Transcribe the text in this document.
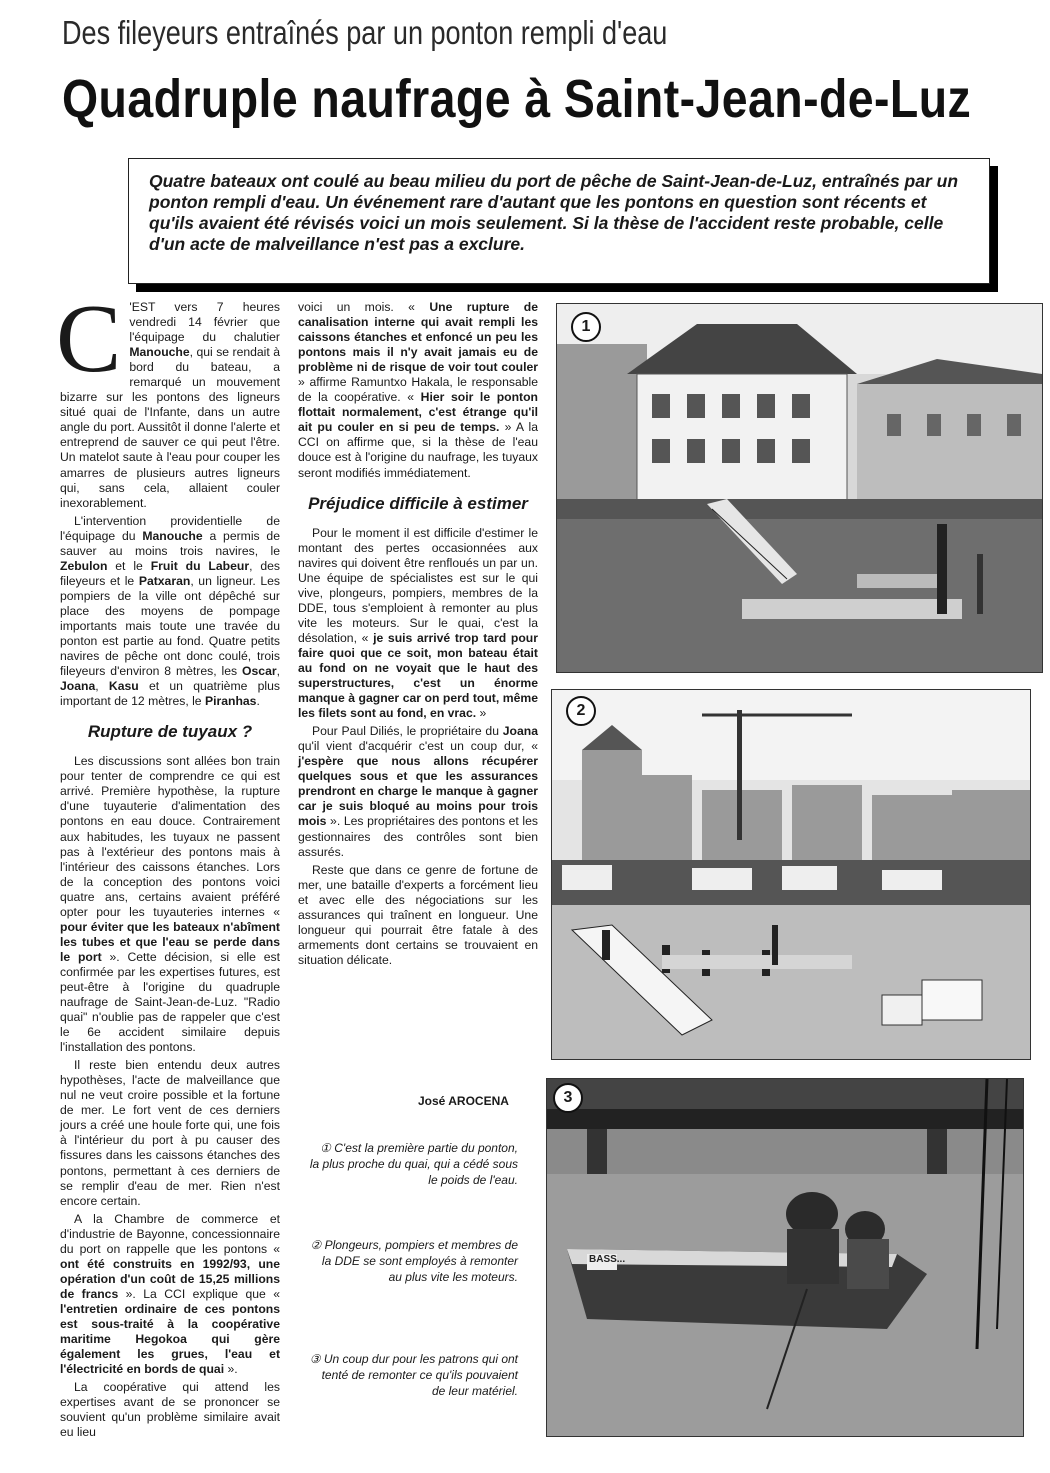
Des fileyeurs entraînés par un ponton rempli d'eau
Quadruple naufrage à Saint-Jean-de-Luz
Quatre bateaux ont coulé au beau milieu du port de pêche de Saint-Jean-de-Luz, entraînés par un ponton rempli d'eau. Un événement rare d'autant que les pontons en question sont récents et qu'ils avaient été révisés voici un mois seulement. Si la thèse de l'accident reste probable, celle d'un acte de malveillance n'est pas a exclure.

C 'EST vers 7 heures vendredi 14 février que l'équipage du chalutier Manouche, qui se rendait à bord du bateau, a remarqué un mouvement bizarre sur les pontons des ligneurs situé quai de l'Infante, dans un autre angle du port. Aussitôt il donne l'alerte et entreprend de sauver ce qui peut l'être. Un matelot saute à l'eau pour couper les amarres de plusieurs autres ligneurs qui, sans cela, allaient couler inexorablement.

L'intervention providentielle de l'équipage du Manouche a permis de sauver au moins trois navires, le Zebulon et le Fruit du Labeur, des fileyeurs et le Patxaran, un ligneur. Les pompiers de la ville ont dépêché sur place des moyens de pompage importants mais toute une travée du ponton est partie au fond. Quatre petits navires de pêche ont donc coulé, trois fileyeurs d'environ 8 mètres, les Oscar, Joana, Kasu et un quatrième plus important de 12 mètres, le Piranhas.

Rupture de tuyaux ?

Les discussions sont allées bon train pour tenter de comprendre ce qui est arrivé. Première hypothèse, la rupture d'une tuyauterie d'alimentation des pontons en eau douce. Contrairement aux habitudes, les tuyaux ne passent pas à l'extérieur des pontons mais à l'intérieur des caissons étanches. Lors de la conception des pontons voici quatre ans, certains avaient préféré opter pour les tuyauteries internes « pour éviter que les bateaux n'abîment les tubes et que l'eau se perde dans le port ». Cette décision, si elle est confirmée par les expertises futures, est peut-être à l'origine du quadruple naufrage de Saint-Jean-de-Luz. "Radio quai" n'oublie pas de rappeler que c'est le 6e accident similaire depuis l'installation des pontons.

Il reste bien entendu deux autres hypothèses, l'acte de malveillance que nul ne veut croire possible et la fortune de mer. Le fort vent de ces derniers jours a créé une houle forte qui, une fois à l'intérieur du port à pu causer des fissures dans les caissons étanches des pontons, permettant à ces derniers de se remplir d'eau de mer. Rien n'est encore certain.

A la Chambre de commerce et d'industrie de Bayonne, concessionnaire du port on rappelle que les pontons « ont été construits en 1992/93, une opération d'un coût de 15,25 millions de francs ». La CCI explique que « l'entretien ordinaire de ces pontons est sous-traité à la coopérative maritime Hegokoa qui gère également les grues, l'eau et l'électricité en bords de quai ».

La coopérative qui attend les expertises avant de se prononcer se souvient qu'un problème similaire avait eu lieu

voici un mois. « Une rupture de canalisation interne qui avait rempli les caissons étanches et enfoncé un peu les pontons mais il n'y avait jamais eu de problème ni de risque de voir tout couler » affirme Ramuntxo Hakala, le responsable de la coopérative. « Hier soir le ponton flottait normalement, c'est étrange qu'il ait pu couler en si peu de temps. » A la CCI on affirme que, si la thèse de l'eau douce est à l'origine du naufrage, les tuyaux seront modifiés immédiatement.

Préjudice difficile à estimer

Pour le moment il est difficile d'estimer le montant des pertes occasionnées aux navires qui doivent être renfloués un par un. Une équipe de spécialistes est sur le qui vive, plongeurs, pompiers, membres de la DDE, tous s'emploient à remonter au plus vite les moteurs. Sur le quai, c'est la désolation, « je suis arrivé trop tard pour faire quoi que ce soit, mon bateau était au fond on ne voyait que le haut des superstructures, c'est un énorme manque à gagner car on perd tout, même les filets sont au fond, en vrac. »

Pour Paul Diliés, le propriétaire du Joana qu'il vient d'acquérir c'est un coup dur, « j'espère que nous allons récupérer quelques sous et que les assurances prendront en charge le manque à gagner car je suis bloqué au moins pour trois mois ». Les propriétaires des pontons et les gestionnaires des contrôles sont bien assurés.

Reste que dans ce genre de fortune de mer, une bataille d'experts a forcément lieu et avec elle des négociations sur les assurances qui traînent en longueur. Une longueur qui pourrait être fatale à des armements dont certains se trouvaient en situation délicate.

José AROCENA
① C'est la première partie du ponton, la plus proche du quai, qui a cédé sous le poids de l'eau.
② Plongeurs, pompiers et membres de la DDE se sont employés à remonter au plus vite les moteurs.
③ Un coup dur pour les patrons qui ont tenté de remonter ce qu'ils pouvaient de leur matériel.
1
2
3
BASS...
